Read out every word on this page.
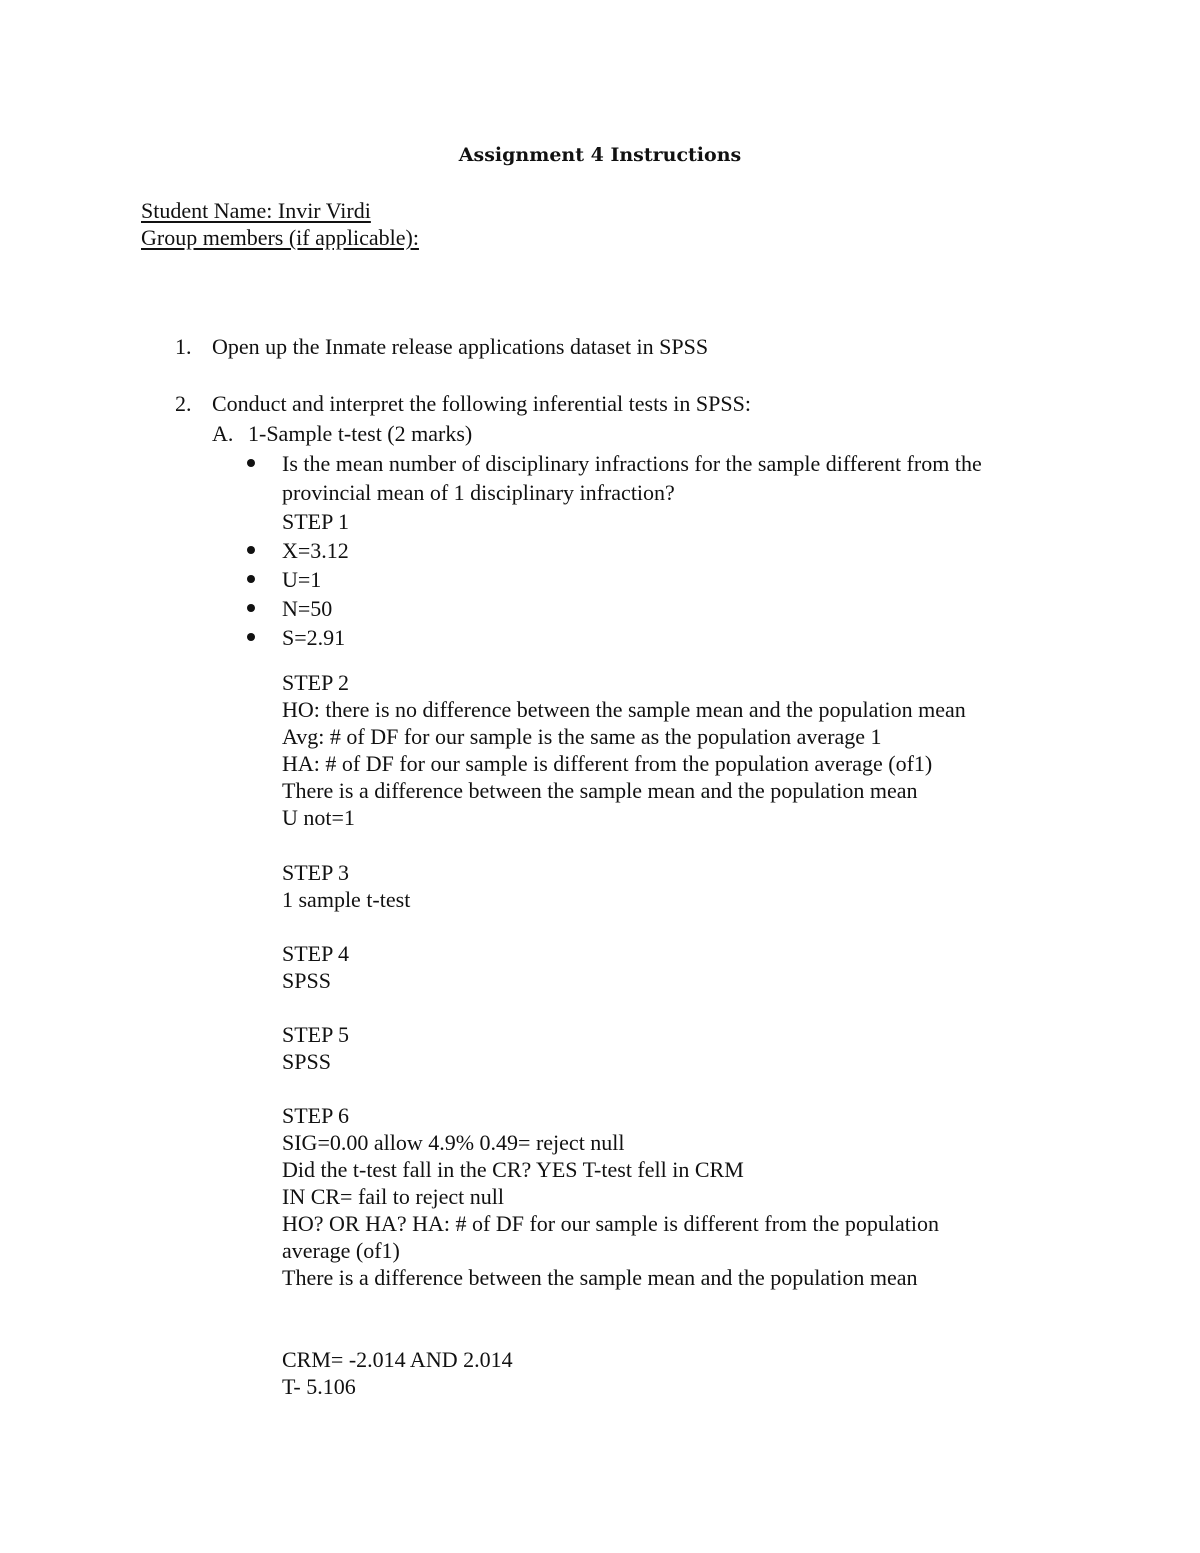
Assignment 4 Instructions
Student Name: Invir Virdi
Group members (if applicable):
1. Open up the Inmate release applications dataset in SPSS
2. Conduct and interpret the following inferential tests in SPSS:
A. 1-Sample t-test (2 marks)
Is the mean number of disciplinary infractions for the sample different from the
provincial mean of 1 disciplinary infraction?
STEP 1
X=3.12
U=1
N=50
S=2.91
STEP 2
HO: there is no difference between the sample mean and the population mean
Avg: # of DF for our sample is the same as the population average 1
HA: # of DF for our sample is different from the population average (of1)
There is a difference between the sample mean and the population mean
U not=1
STEP 3
1 sample t-test
STEP 4
SPSS
STEP 5
SPSS
STEP 6
SIG=0.00 allow 4.9% 0.49= reject null
Did the t-test fall in the CR? YES T-test fell in CRM
IN CR= fail to reject null
HO? OR HA? HA: # of DF for our sample is different from the population
average (of1)
There is a difference between the sample mean and the population mean
CRM= -2.014 AND 2.014
T- 5.106
